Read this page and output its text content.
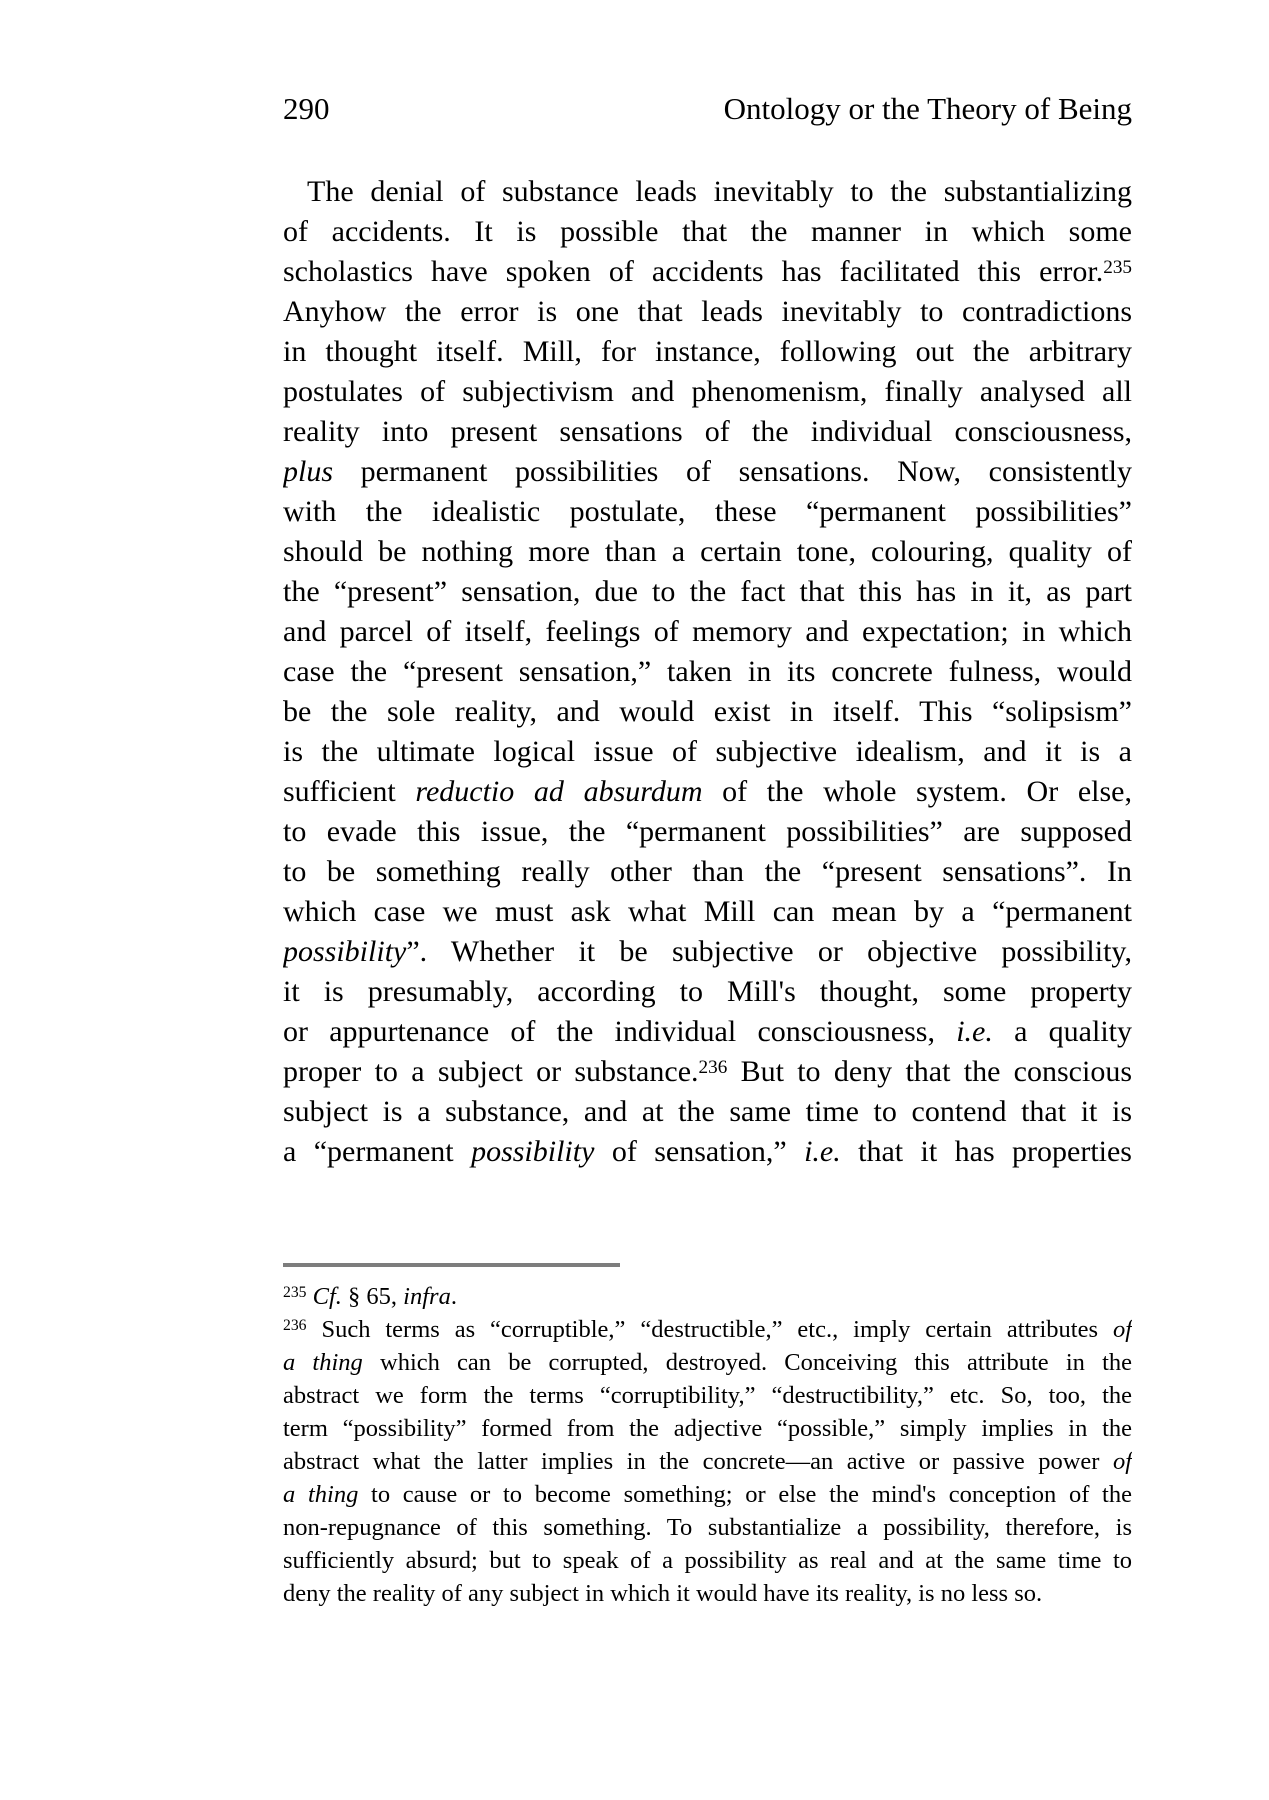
290	Ontology or the Theory of Being
The denial of substance leads inevitably to the substantializing
of accidents. It is possible that the manner in which some
scholastics have spoken of accidents has facilitated this error.$^{235}$
Anyhow the error is one that leads inevitably to contradictions
in thought itself. Mill, for instance, following out the arbitrary
postulates of subjectivism and phenomenism, finally analysed all
reality into present sensations of the individual consciousness,
plus permanent possibilities of sensations. Now, consistently
with the idealistic postulate, these “permanent possibilities”
should be nothing more than a certain tone, colouring, quality of
the “present” sensation, due to the fact that this has in it, as part
and parcel of itself, feelings of memory and expectation; in which
case the “present sensation,” taken in its concrete fulness, would
be the sole reality, and would exist in itself. This “solipsism”
is the ultimate logical issue of subjective idealism, and it is a
sufficient reductio ad absurdum of the whole system. Or else,
to evade this issue, the “permanent possibilities” are supposed
to be something really other than the “present sensations”. In
which case we must ask what Mill can mean by a “permanent
possibility”. Whether it be subjective or objective possibility,
it is presumably, according to Mill's thought, some property
or appurtenance of the individual consciousness, i.e. a quality
proper to a subject or substance.$^{236}$ But to deny that the conscious
subject is a substance, and at the same time to contend that it is
a “permanent possibility of sensation,” i.e. that it has properties
$^{235}$ Cf. § 65, infra.
$^{236}$ Such terms as “corruptible,” “destructible,” etc., imply certain attributes of
a thing which can be corrupted, destroyed. Conceiving this attribute in the
abstract we form the terms “corruptibility,” “destructibility,” etc. So, too, the
term “possibility” formed from the adjective “possible,” simply implies in the
abstract what the latter implies in the concrete—an active or passive power of
a thing to cause or to become something; or else the mind's conception of the
non-repugnance of this something. To substantialize a possibility, therefore, is
sufficiently absurd; but to speak of a possibility as real and at the same time to
deny the reality of any subject in which it would have its reality, is no less so.
